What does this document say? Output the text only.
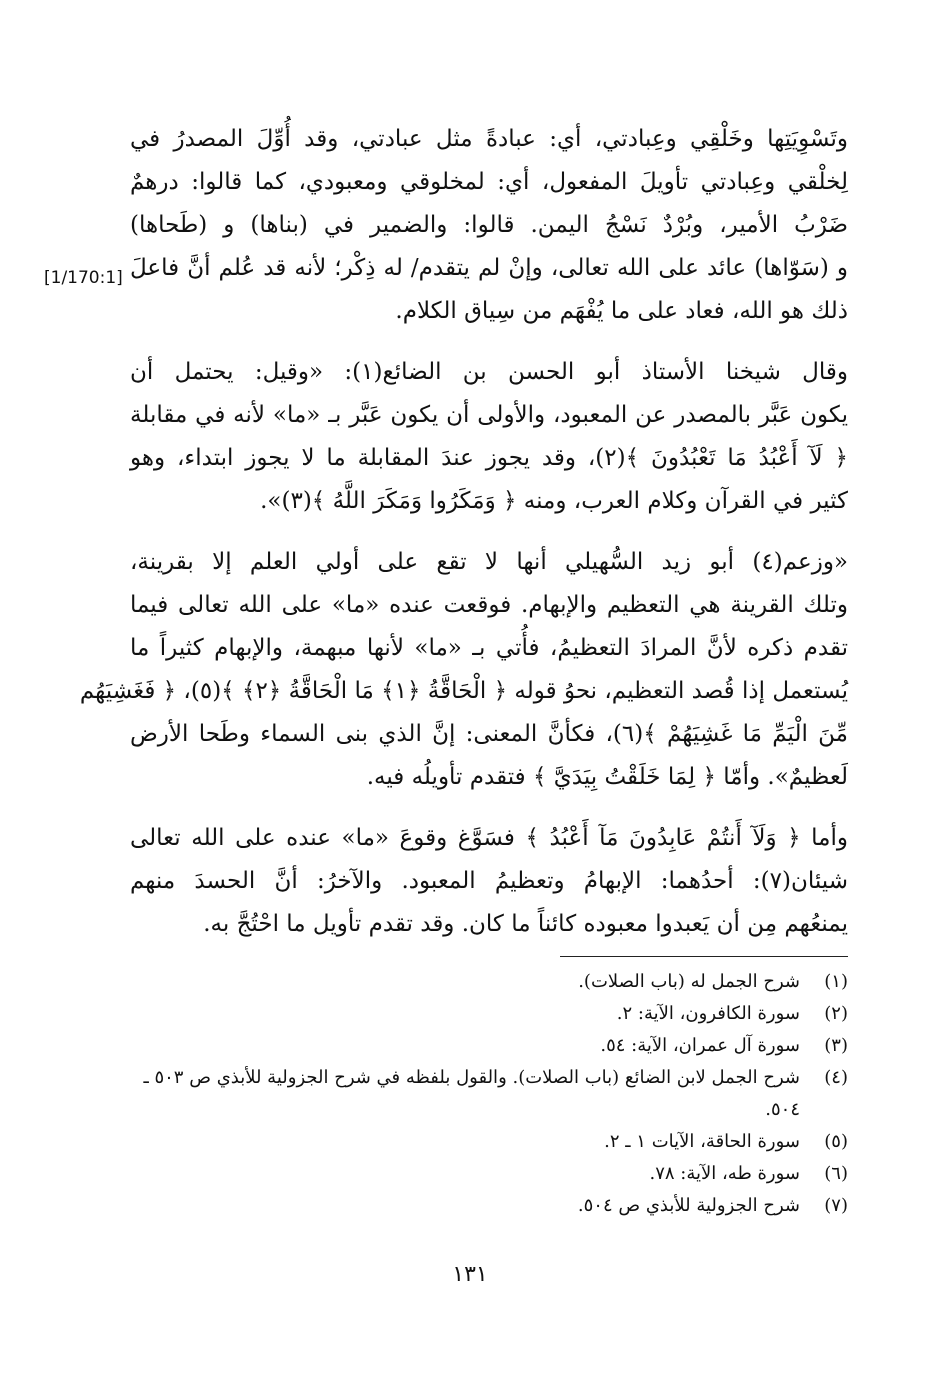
[1/170:1]
وتَسْوِيَتِها وخَلْقِي وعِبادتي، أي: عبادةً مثل عبادتي، وقد أُوِّلَ المصدرُ في
لِخلْقي وعِبادتي تأويلَ المفعول، أي: لمخلوقي ومعبودي، كما قالوا: درهمٌ
ضَرْبُ الأمير، وبُرْدٌ نَسْجُ اليمن. قالوا: والضمير في (بناها) و (طَحاها)
و (سَوّاها) عائد على الله تعالى، وإنْ لم يتقدم/ له ذِكْر؛ لأنه قد عُلم أنَّ فاعلَ
ذلك هو الله، فعاد على ما يُفْهَم من سِياق الكلام.
وقال شيخنا الأستاذ أبو الحسن بن الضائع(١): «وقيل: يحتمل أن
يكون عَبَّر بالمصدر عن المعبود، والأولى أن يكون عَبَّر بـ «ما» لأنه في مقابلة
﴿ لَآ أَعْبُدُ مَا تَعْبُدُونَ ﴾(٢)، وقد يجوز عندَ المقابلة ما لا يجوز ابتداء، وهو
كثير في القرآن وكلام العرب، ومنه ﴿ وَمَكَرُوا وَمَكَرَ اللَّهُ ﴾(٣)».
«وزعم(٤) أبو زيد السُّهيلي أنها لا تقع على أولي العلم إلا بقرينة،
وتلك القرينة هي التعظيم والإبهام. فوقعت عنده «ما» على الله تعالى فيما
تقدم ذكره لأنَّ المرادَ التعظيمُ، فأُتي بـ «ما» لأنها مبهمة، والإبهام كثيراً ما
يُستعمل إذا قُصد التعظيم، نحوُ قوله ﴿ الْحَاقَّةُ ﴿١﴾ مَا الْحَاقَّةُ ﴿٢﴾ ﴾(٥)، ﴿ فَغَشِيَهُم
مِّنَ الْيَمِّ مَا غَشِيَهُمْ ﴾(٦)، فكأنَّ المعنى: إنَّ الذي بنى السماء وطَحا الأرض
لَعظيمٌ». وأمّا ﴿ لِمَا خَلَقْتُ بِيَدَيَّ ﴾ فتقدم تأويلُه فيه.
وأما ﴿ وَلَآ أَنتُمْ عَابِدُونَ مَآ أَعْبُدُ ﴾ فسَوَّغ وقوعَ «ما» عنده على الله تعالى
شيئان(٧): أحدُهما: الإبهامُ وتعظيمُ المعبود. والآخرُ: أنَّ الحسدَ منهم
يمنعُهم مِن أن يَعبدوا معبوده كائناً ما كان. وقد تقدم تأويل ما احْتُجَّ به.
(١)
شرح الجمل له (باب الصلات).
(٢)
سورة الكافرون، الآية: ٢.
(٣)
سورة آل عمران، الآية: ٥٤.
(٤)
شرح الجمل لابن الضائع (باب الصلات). والقول بلفظه في شرح الجزولية للأبذي ص ٥٠٣ ـ ٥٠٤.
(٥)
سورة الحاقة، الآيات ١ ـ ٢.
(٦)
سورة طه، الآية: ٧٨.
(٧)
شرح الجزولية للأبذي ص ٥٠٤.
١٣١
